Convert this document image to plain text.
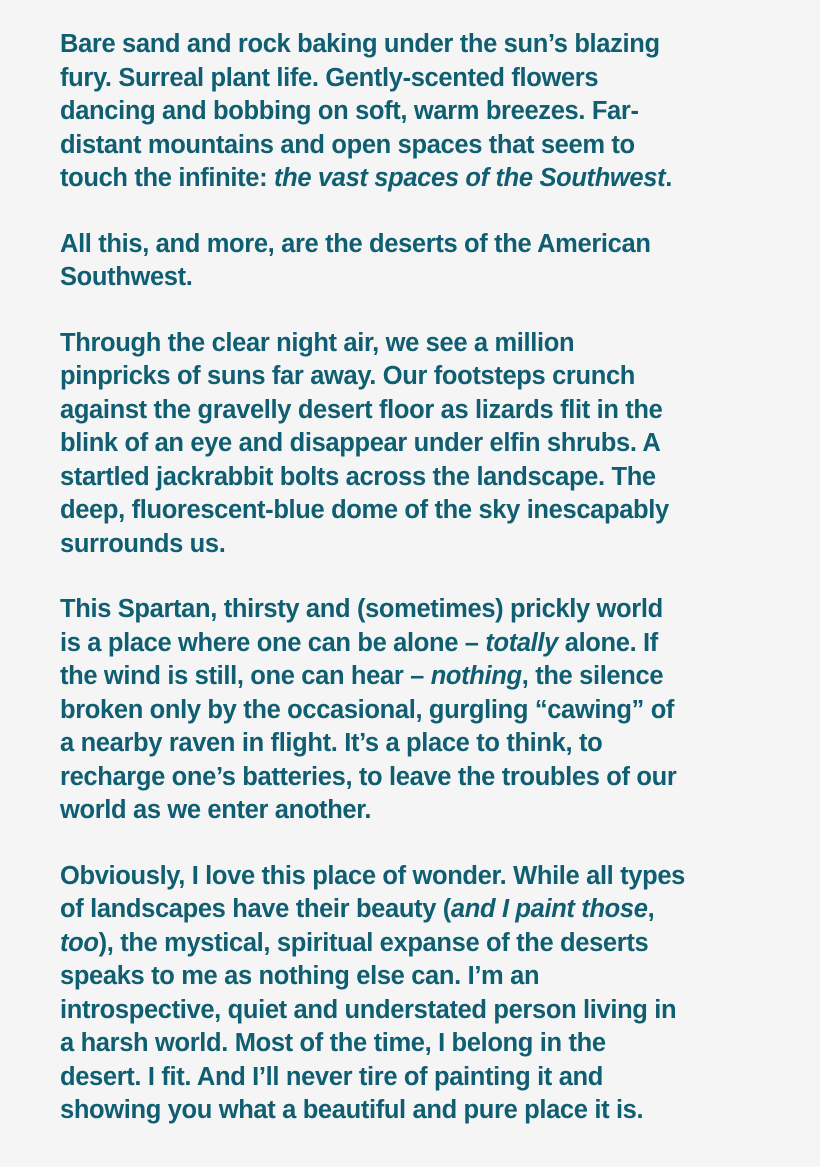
Bare sand and rock baking under the sun’s blazing
fury. Surreal plant life. Gently-scented flowers
dancing and bobbing on soft, warm breezes. Far-
distant mountains and open spaces that seem to
touch the infinite: the vast spaces of the Southwest.

All this, and more, are the deserts of the American
Southwest.

Through the clear night air, we see a million
pinpricks of suns far away. Our footsteps crunch
against the gravelly desert floor as lizards flit in the
blink of an eye and disappear under elfin shrubs. A
startled jackrabbit bolts across the landscape. The
deep, fluorescent-blue dome of the sky inescapably
surrounds us.

This Spartan, thirsty and (sometimes) prickly world
is a place where one can be alone – totally alone. If
the wind is still, one can hear – nothing, the silence
broken only by the occasional, gurgling “cawing” of
a nearby raven in flight. It’s a place to think, to
recharge one’s batteries, to leave the troubles of our
world as we enter another.

Obviously, I love this place of wonder. While all types
of landscapes have their beauty (and I paint those,
too), the mystical, spiritual expanse of the deserts
speaks to me as nothing else can. I’m an
introspective, quiet and understated person living in
a harsh world. Most of the time, I belong in the
desert. I fit. And I’ll never tire of painting it and
showing you what a beautiful and pure place it is.
